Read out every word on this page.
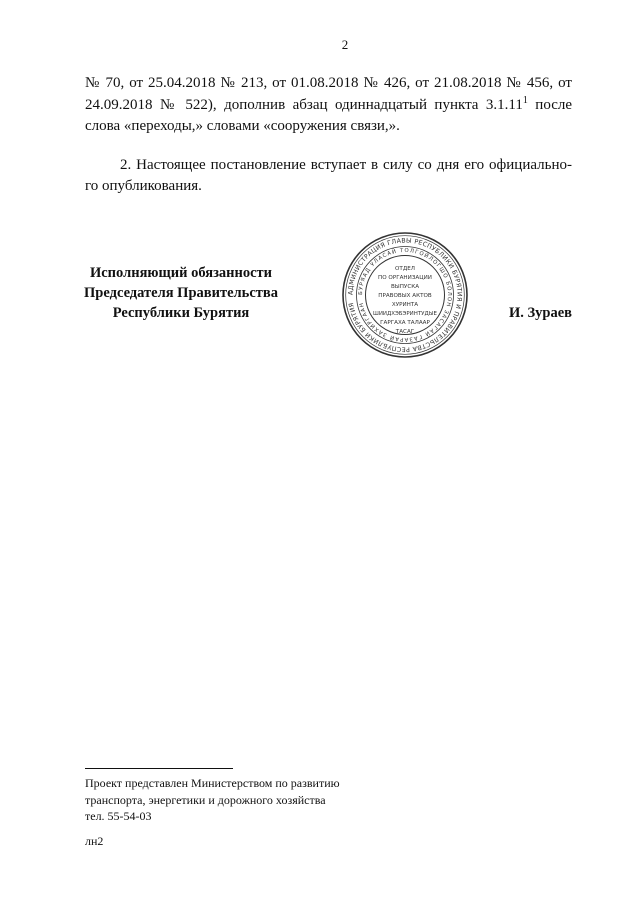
2
№ 70, от 25.04.2018 № 213, от 01.08.2018 № 426, от 21.08.2018 № 456, от
24.09.2018 № 522), дополнив абзац одиннадцатый пункта 3.1.11$^1$ после
слова «переходы,» словами «сооружения связи,».
2. Настоящее постановление вступает в силу со дня его официально-
го опубликования.
Исполняющий обязанности
Председателя Правительства
Республики Бурятия
АДМИНИСТРАЦИЯ ГЛАВЫ РЕСПУБЛИКИ БУРЯТИЯ И ПРАВИТЕЛЬСТВА РЕСПУБЛИКИ БУРЯТИЯ
БУРЯАД УЛАСАЙ ТОЛГОЙЛОГШО БОЛОН ЗАСАГАЙ ГАЗАРАЙ ЗАХИРГААН
ОТДЕЛ
ПО ОРГАНИЗАЦИИ
ВЫПУСКА
ПРАВОВЫХ АКТОВ
ХУРИНТА
ШИИДХЭБЭРИНТУДЫЕ
ГАРГАХА ТАЛААР
ТАСАГ
И. Зураев
Проект представлен Министерством по развитию
транспорта, энергетики и дорожного хозяйства
тел. 55-54-03
лн2
